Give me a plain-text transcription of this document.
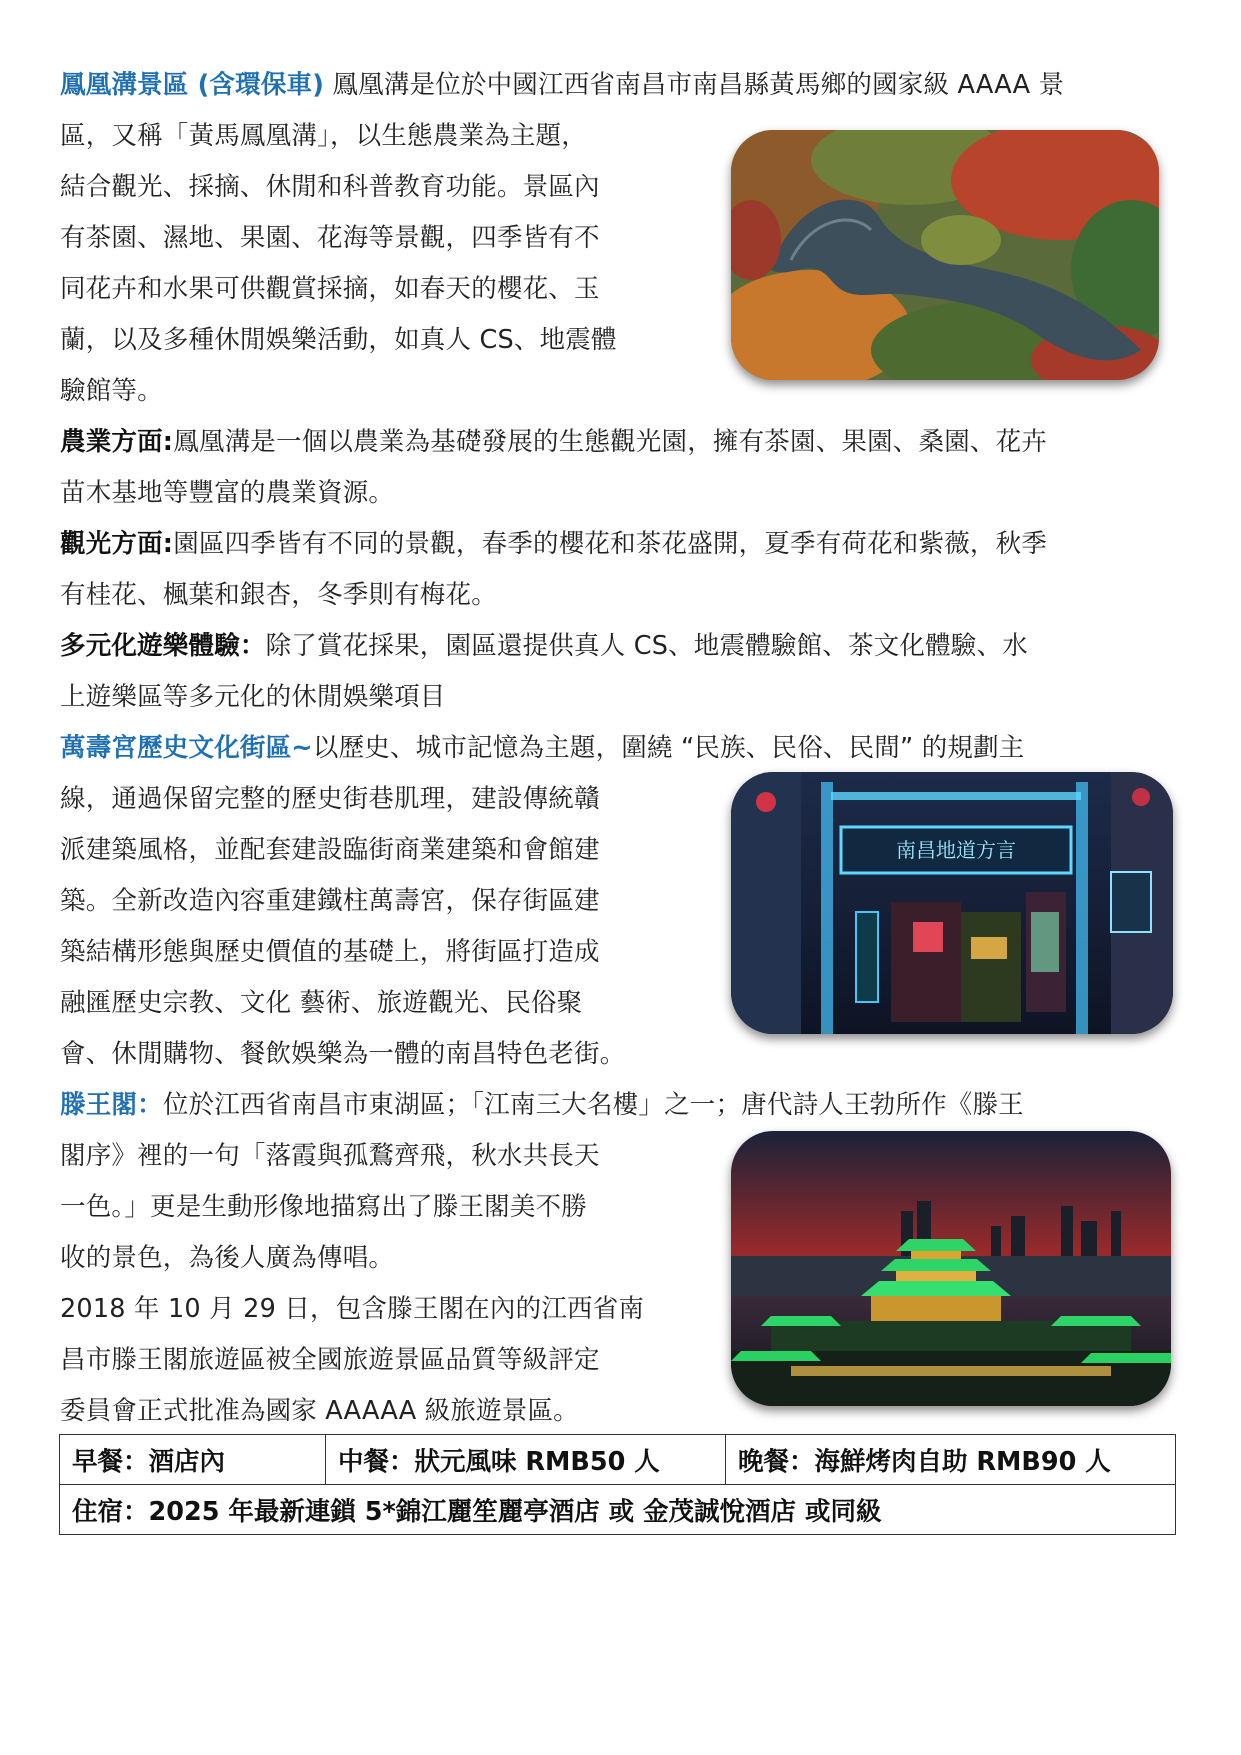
鳳凰溝景區 (含環保車) 鳳凰溝是位於中國江西省南昌市南昌縣黃馬鄉的國家級 AAAA 景

區，又稱「黃馬鳳凰溝」，以生態農業為主題，

結合觀光、採摘、休閒和科普教育功能。景區內

有茶園、濕地、果園、花海等景觀，四季皆有不

同花卉和水果可供觀賞採摘，如春天的櫻花、玉

蘭，以及多種休閒娛樂活動，如真人 CS、地震體

驗館等。

農業方面:鳳凰溝是一個以農業為基礎發展的生態觀光園，擁有茶園、果園、桑園、花卉

苗木基地等豐富的農業資源。

觀光方面:園區四季皆有不同的景觀，春季的櫻花和茶花盛開，夏季有荷花和紫薇，秋季

有桂花、楓葉和銀杏，冬季則有梅花。

多元化遊樂體驗：除了賞花採果，園區還提供真人 CS、地震體驗館、茶文化體驗、水

上遊樂區等多元化的休閒娛樂項目

萬壽宮歷史文化街區~以歷史、城市記憶為主題，圍繞 “民族、民俗、民間” 的規劃主

線，通過保留完整的歷史街巷肌理，建設傳統贛

派建築風格，並配套建設臨街商業建築和會館建

築。全新改造內容重建鐵柱萬壽宮，保存街區建

築結構形態與歷史價值的基礎上，將街區打造成

融匯歷史宗教、文化 藝術、旅遊觀光、民俗聚

會、休閒購物、餐飲娛樂為一體的南昌特色老街。

南昌地道方言

滕王閣：位於江西省南昌市東湖區；「江南三大名樓」之一；唐代詩人王勃所作《滕王

閣序》裡的一句「落霞與孤鶩齊飛，秋水共長天

一色。」更是生動形像地描寫出了滕王閣美不勝

收的景色，為後人廣為傳唱。

2018 年 10 月 29 日，包含滕王閣在內的江西省南

昌市滕王閣旅遊區被全國旅遊景區品質等級評定

委員會正式批准為國家 AAAAA 級旅遊景區。

早餐：酒店內	中餐：狀元風味 RMB50 人	晚餐：海鮮烤肉自助 RMB90 人
住宿：2025 年最新連鎖 5*錦江麗笙麗亭酒店 或 金茂誠悅酒店 或同級
